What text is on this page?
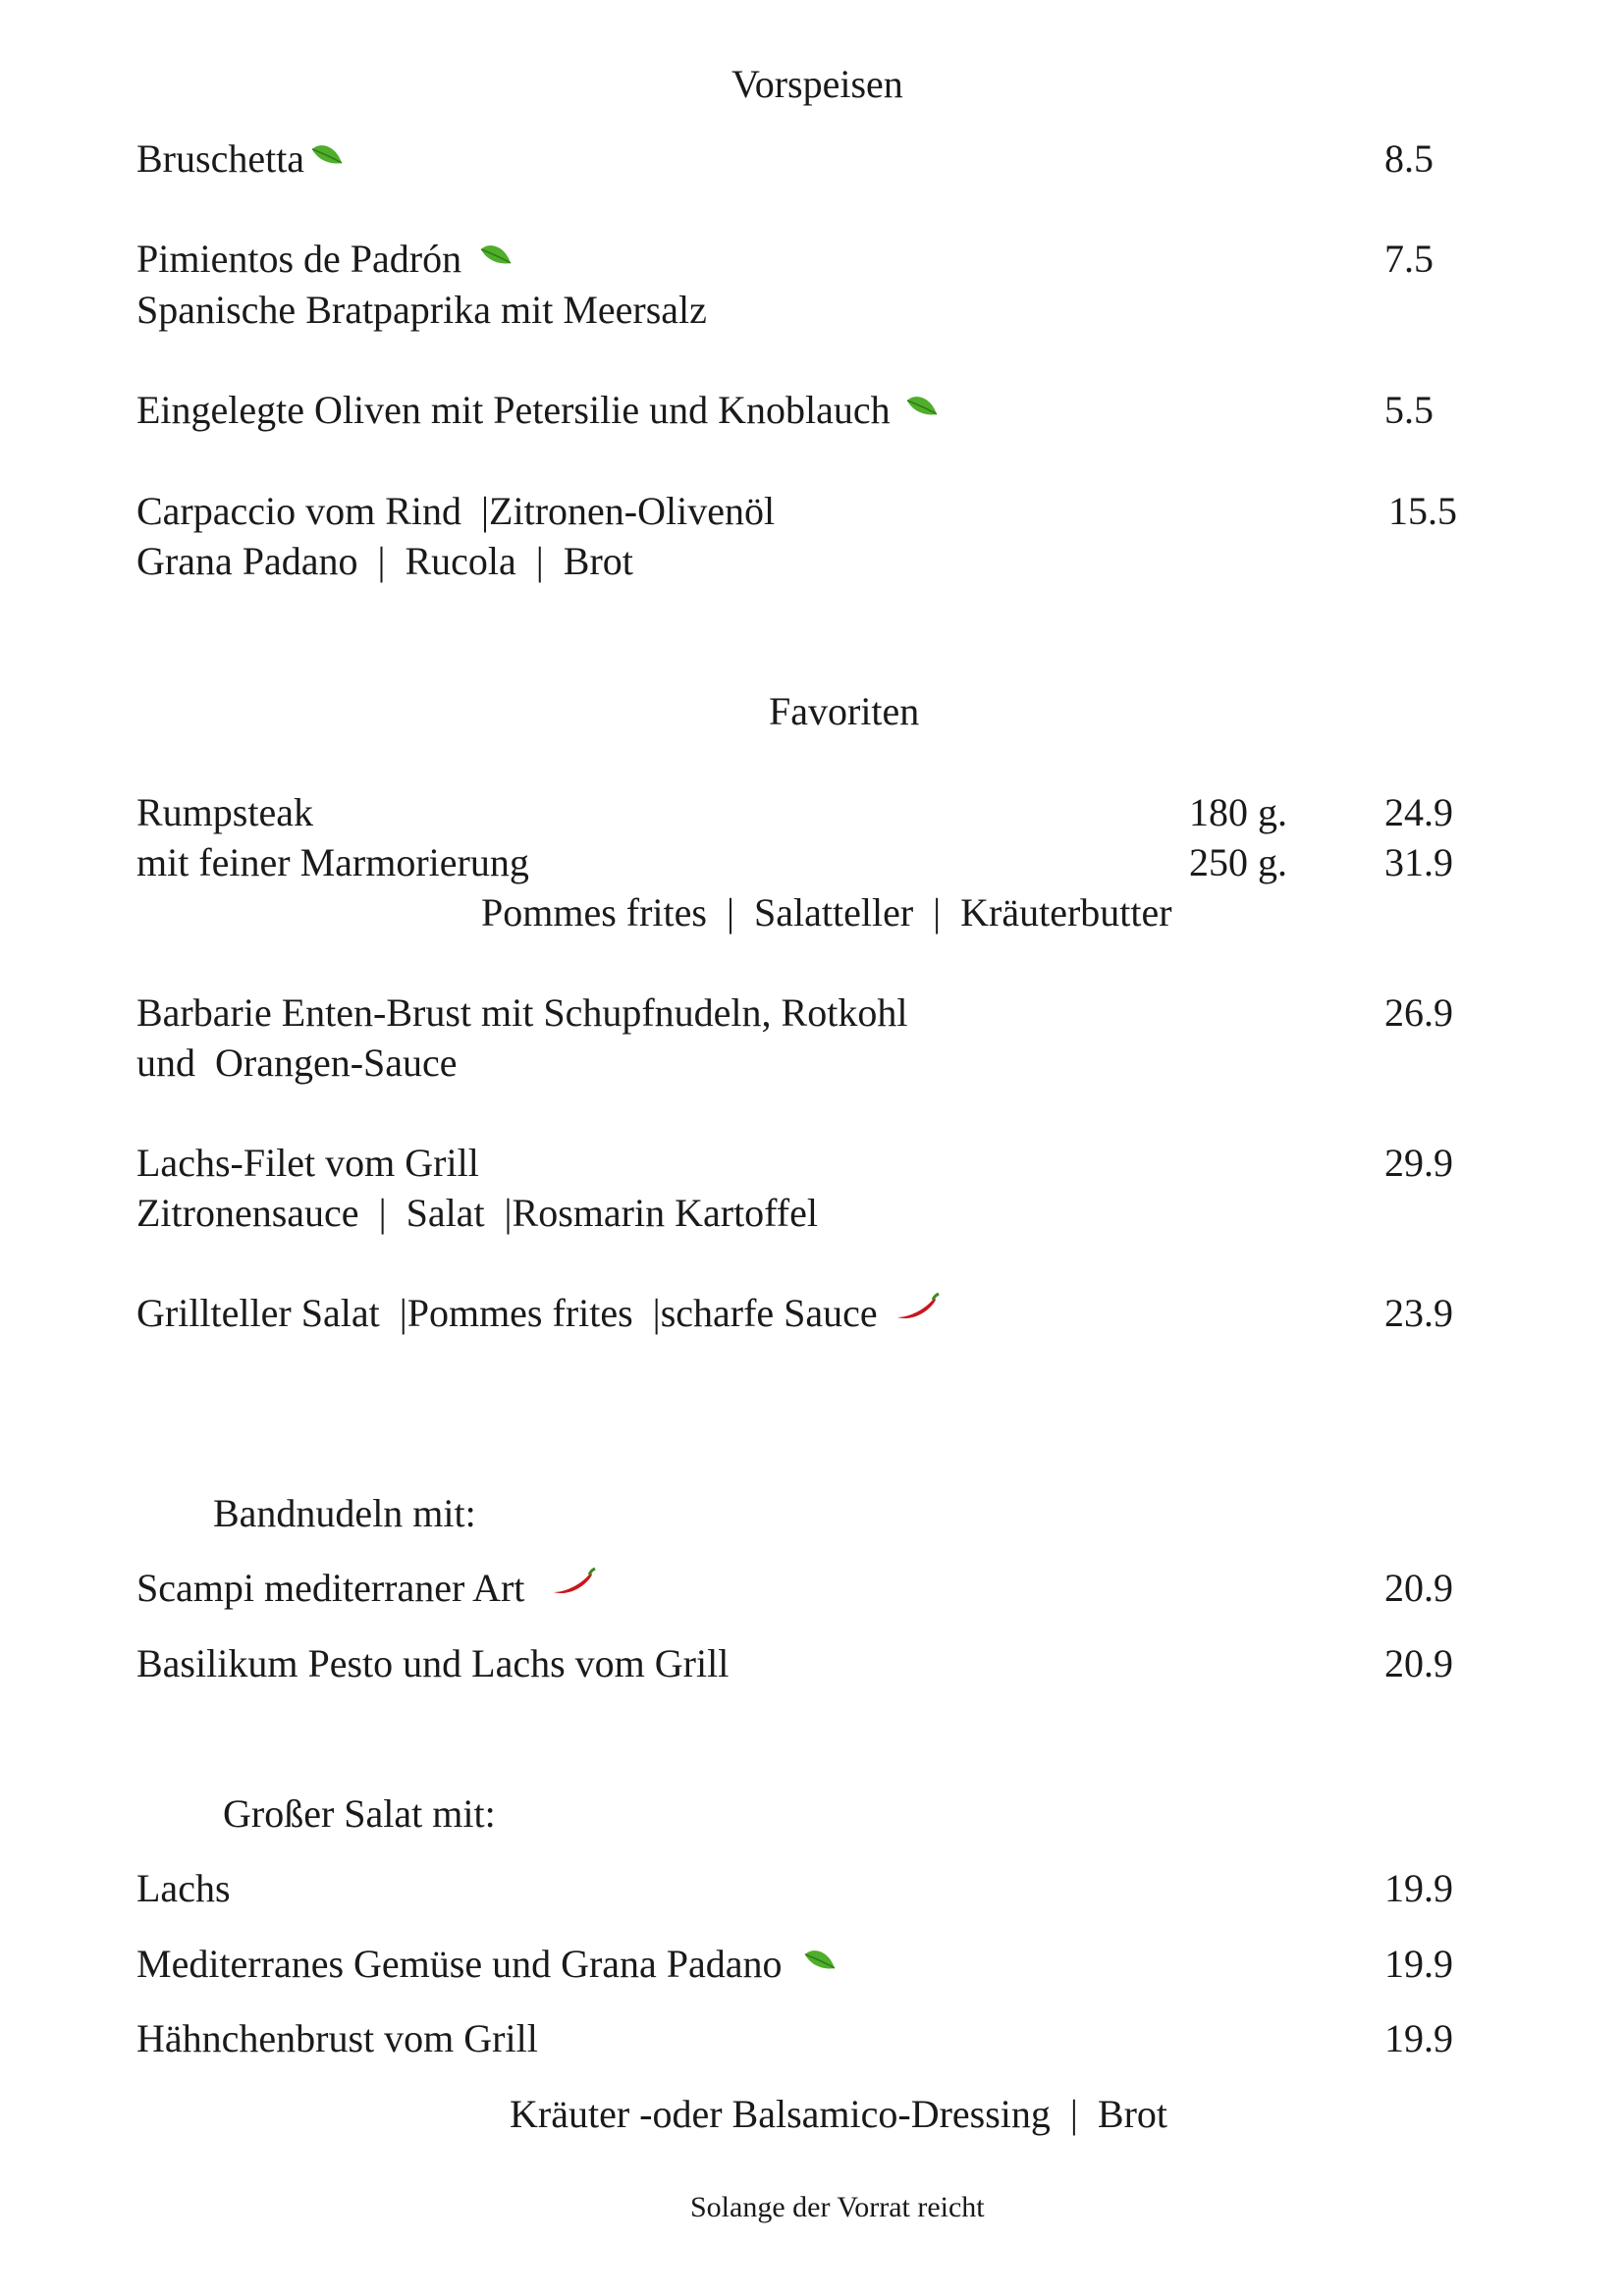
Vorspeisen
Bruschetta	8.5
Pimientos de Padrón	7.5
Spanische Bratpaprika mit Meersalz
Eingelegte Oliven mit Petersilie und Knoblauch	5.5
Carpaccio vom Rind  |Zitronen-Olivenöl	15.5
Grana Padano  |  Rucola  |  Brot
Favoriten
Rumpsteak	180 g. 24.9
mit feiner Marmorierung	250 g. 31.9
Pommes frites  |  Salatteller  |  Kräuterbutter
Barbarie Enten-Brust mit Schupfnudeln, Rotkohl	26.9
und  Orangen-Sauce
Lachs-Filet vom Grill	29.9
Zitronensauce  |  Salat  |Rosmarin Kartoffel
Grillteller Salat  |Pommes frites  |scharfe Sauce	23.9
Bandnudeln mit:
Scampi mediterraner Art	20.9
Basilikum Pesto und Lachs vom Grill	20.9
Großer Salat mit:
Lachs	19.9
Mediterranes Gemüse und Grana Padano	19.9
Hähnchenbrust vom Grill	19.9
Kräuter -oder Balsamico-Dressing  |  Brot
Solange der Vorrat reicht
